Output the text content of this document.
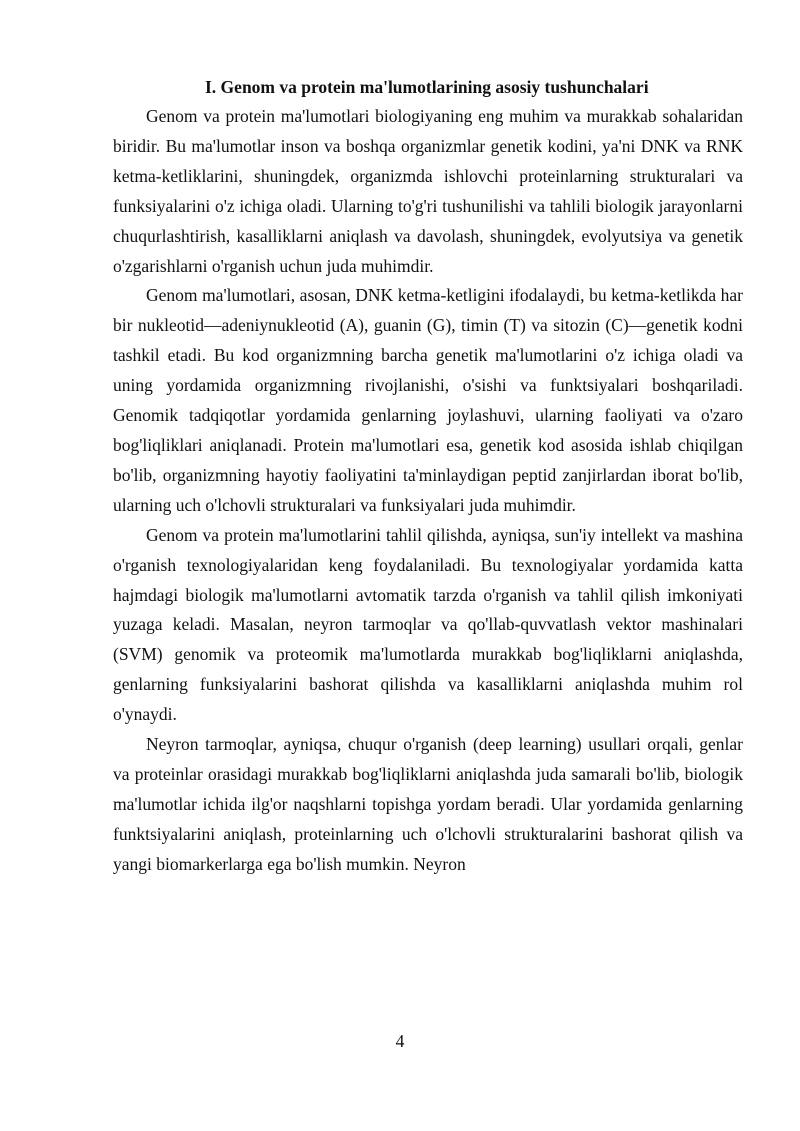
I. Genom va protein ma'lumotlarining asosiy tushunchalari

Genom va protein ma'lumotlari biologiyaning eng muhim va murakkab sohalaridan biridir. Bu ma'lumotlar inson va boshqa organizmlar genetik kodini, ya'ni DNK va RNK ketma-ketliklarini, shuningdek, organizmda ishlovchi proteinlarning strukturalari va funksiyalarini o'z ichiga oladi. Ularning to'g'ri tushunilishi va tahlili biologik jarayonlarni chuqurlashtirish, kasalliklarni aniqlash va davolash, shuningdek, evolyutsiya va genetik o'zgarishlarni o'rganish uchun juda muhimdir.

Genom ma'lumotlari, asosan, DNK ketma-ketligini ifodalaydi, bu ketma-ketlikda har bir nukleotid—adeniynukleotid (A), guanin (G), timin (T) va sitozin (C)—genetik kodni tashkil etadi. Bu kod organizmning barcha genetik ma'lumotlarini o'z ichiga oladi va uning yordamida organizmning rivojlanishi, o'sishi va funktsiyalari boshqariladi. Genomik tadqiqotlar yordamida genlarning joylashuvi, ularning faoliyati va o'zaro bog'liqliklari aniqlanadi. Protein ma'lumotlari esa, genetik kod asosida ishlab chiqilgan bo'lib, organizmning hayotiy faoliyatini ta'minlaydigan peptid zanjirlardan iborat bo'lib, ularning uch o'lchovli strukturalari va funksiyalari juda muhimdir.

Genom va protein ma'lumotlarini tahlil qilishda, ayniqsa, sun'iy intellekt va mashina o'rganish texnologiyalaridan keng foydalaniladi. Bu texnologiyalar yordamida katta hajmdagi biologik ma'lumotlarni avtomatik tarzda o'rganish va tahlil qilish imkoniyati yuzaga keladi. Masalan, neyron tarmoqlar va qo'llab-quvvatlash vektor mashinalari (SVM) genomik va proteomik ma'lumotlarda murakkab bog'liqliklarni aniqlashda, genlarning funksiyalarini bashorat qilishda va kasalliklarni aniqlashda muhim rol o'ynaydi.

Neyron tarmoqlar, ayniqsa, chuqur o'rganish (deep learning) usullari orqali, genlar va proteinlar orasidagi murakkab bog'liqliklarni aniqlashda juda samarali bo'lib, biologik ma'lumotlar ichida ilg'or naqshlarni topishga yordam beradi. Ular yordamida genlarning funktsiyalarini aniqlash, proteinlarning uch o'lchovli strukturalarini bashorat qilish va yangi biomarkerlarga ega bo'lish mumkin. Neyron

4
